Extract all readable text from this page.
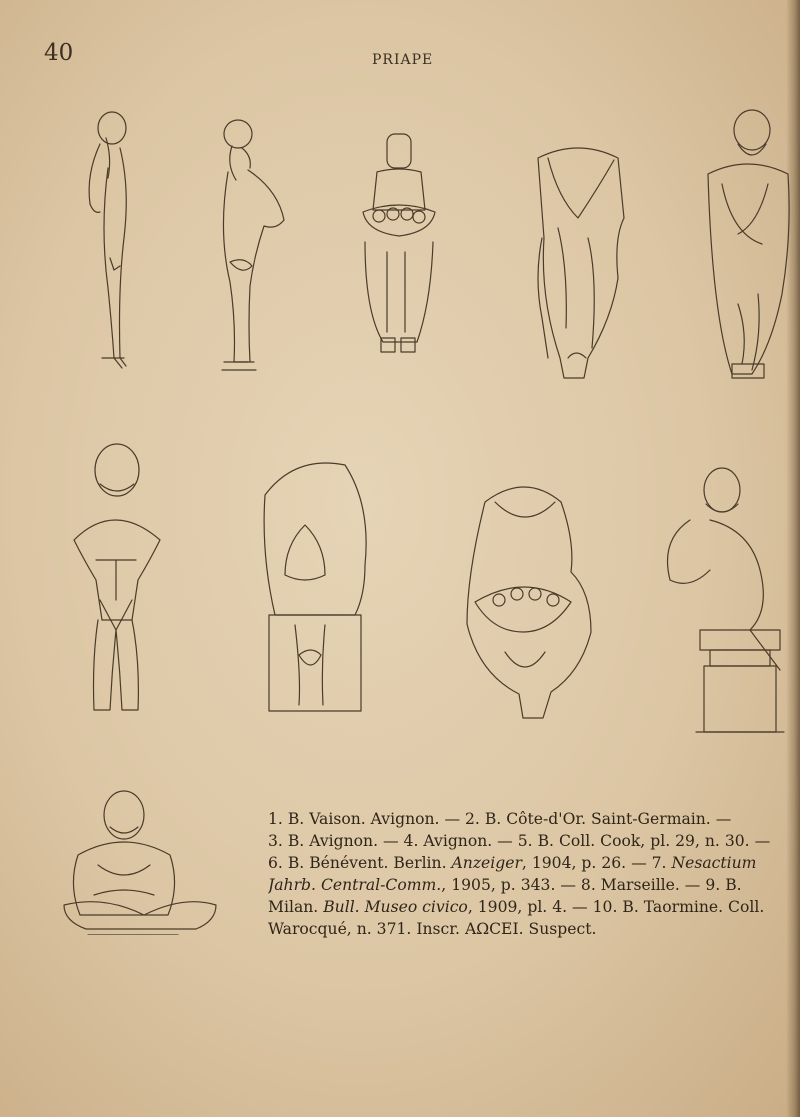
40	PRIAPE
1. B. Vaison. Avignon. — 2. B. Côte-d'Or. Saint-Germain. —
3. B. Avignon. — 4. Avignon. — 5. B. Coll. Cook, pl. 29, n. 30. —
6. B. Bénévent. Berlin. Anzeiger, 1904, p. 26. — 7. Nesactium
Jahrb. Central-Comm., 1905, p. 343. — 8. Marseille. — 9. B.
Milan. Bull. Museo civico, 1909, pl. 4. — 10. B. Taormine. Coll.
Warocqué, n. 371. Inscr. ΑΩCEI. Suspect.
